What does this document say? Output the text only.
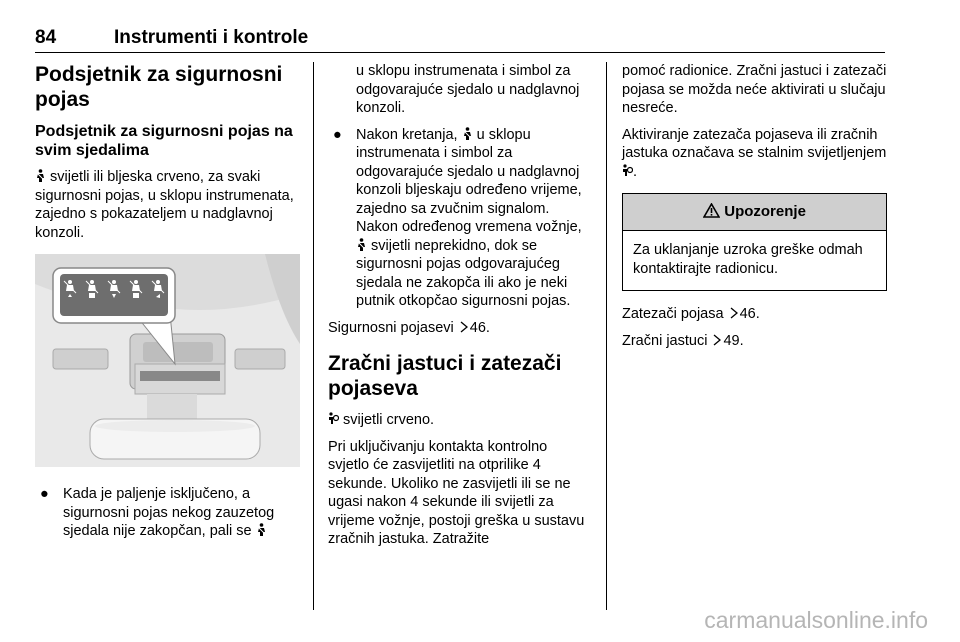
84	Instrumenti i kontrole
Podsjetnik za sigurnosni pojas
Podsjetnik za sigurnosni pojas na svim sjedalima

svijetli ili bljeska crveno, za svaki sigurnosni pojas, u sklopu instrumenata, zajedno s pokazateljem u nadglavnoj konzoli.

● Kada je paljenje isključeno, a sigurnosni pojas nekog zauzetog sjedala nije zakopčan, pali se
u sklopu instrumenata i simbol za odgovarajuće sjedalo u nadglavnoj konzoli.
● Nakon kretanja, u sklopu instrumenata i simbol za odgovarajuće sjedalo u nadglavnoj konzoli bljeskaju određeno vrijeme, zajedno sa zvučnim signalom. Nakon određenog vremena vožnje,  svijetli neprekidno, dok se sigurnosni pojas odgovarajućeg sjedala ne zakopča ili ako je neki putnik otkopčao sigurnosni pojas.

Sigurnosni pojasevi 46.

Zračni jastuci i zatezači pojaseva

svijetli crveno.

Pri uključivanju kontakta kontrolno svjetlo će zasvijetliti na otprilike 4 sekunde. Ukoliko ne zasvijetli ili se ne ugasi nakon 4 sekunde ili svijetli za vrijeme vožnje, postoji greška u sustavu zračnih jastuka. Zatražite

pomoć radionice. Zračni jastuci i zatezači pojasa se možda neće aktivirati u slučaju nesreće.

Aktiviranje zatezača pojaseva ili zračnih jastuka označava se stalnim svijetljenjem .

Upozorenje

Za uklanjanje uzroka greške odmah kontaktirajte radionicu.

Zatezači pojasa 46.

Zračni jastuci 49.

carmanualsonline.info
